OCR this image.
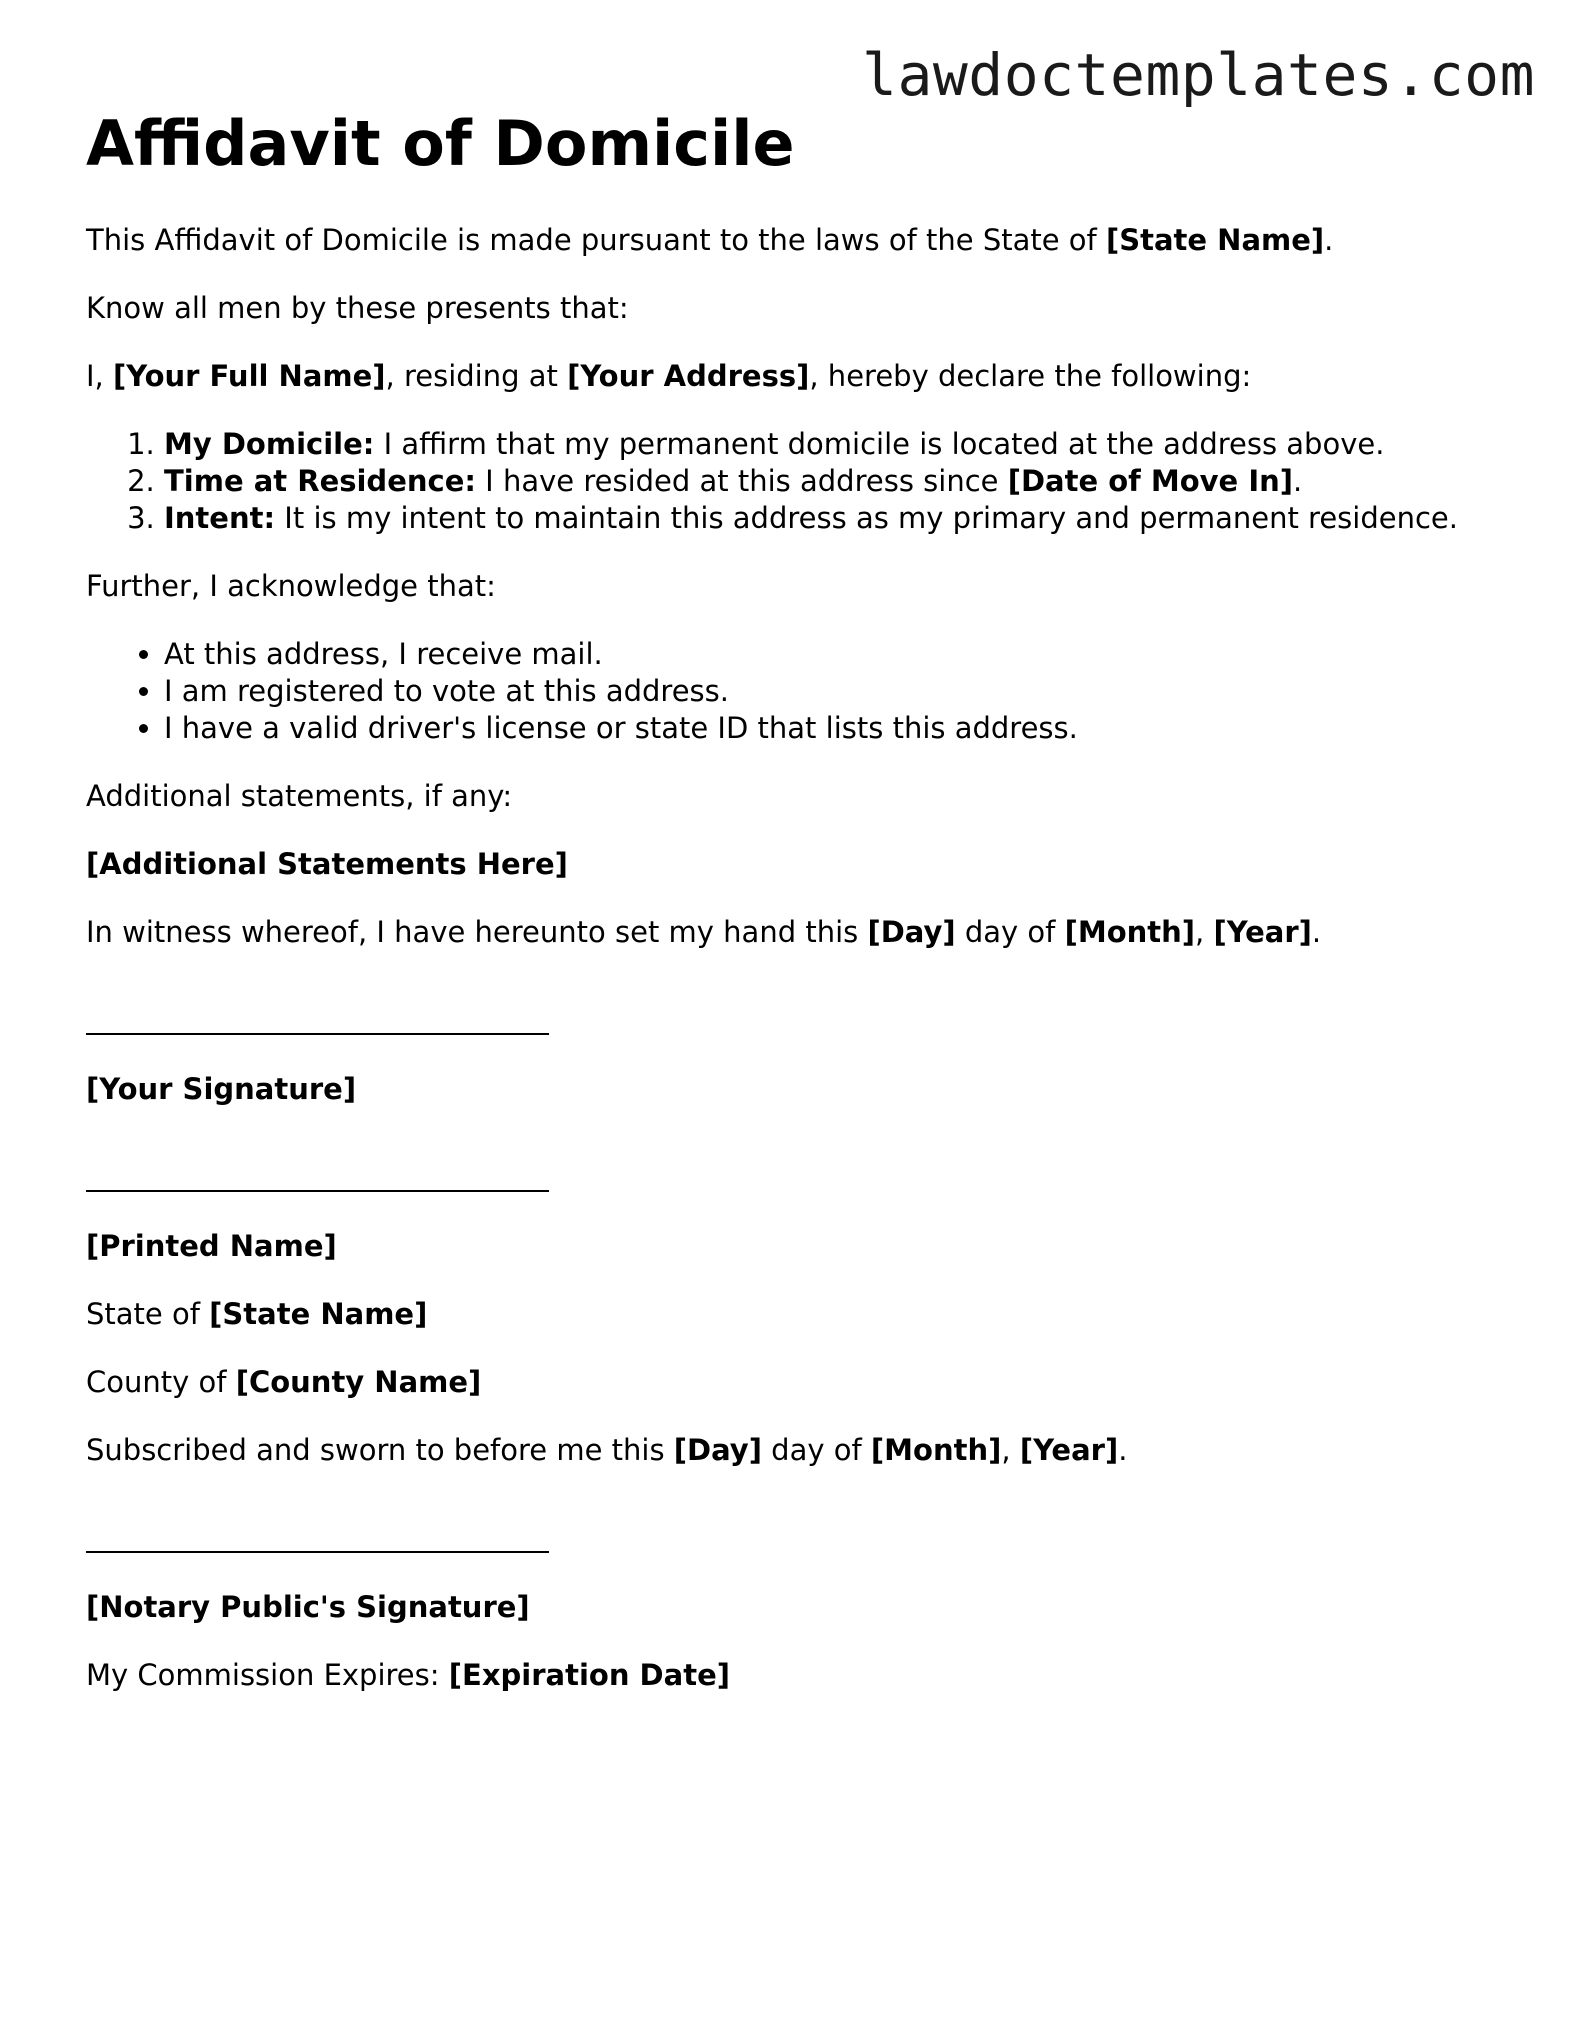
lawdoctemplates.com
Affidavit of Domicile

This Affidavit of Domicile is made pursuant to the laws of the State of [State Name].

Know all men by these presents that:

I, [Your Full Name], residing at [Your Address], hereby declare the following:

1. My Domicile: I affirm that my permanent domicile is located at the address above.
2. Time at Residence: I have resided at this address since [Date of Move In].
3. Intent: It is my intent to maintain this address as my primary and permanent residence.

Further, I acknowledge that:

• At this address, I receive mail.
• I am registered to vote at this address.
• I have a valid driver's license or state ID that lists this address.

Additional statements, if any:

[Additional Statements Here]

In witness whereof, I have hereunto set my hand this [Day] day of [Month], [Year].

[Your Signature]

[Printed Name]

State of [State Name]

County of [County Name]

Subscribed and sworn to before me this [Day] day of [Month], [Year].

[Notary Public's Signature]

My Commission Expires: [Expiration Date]
